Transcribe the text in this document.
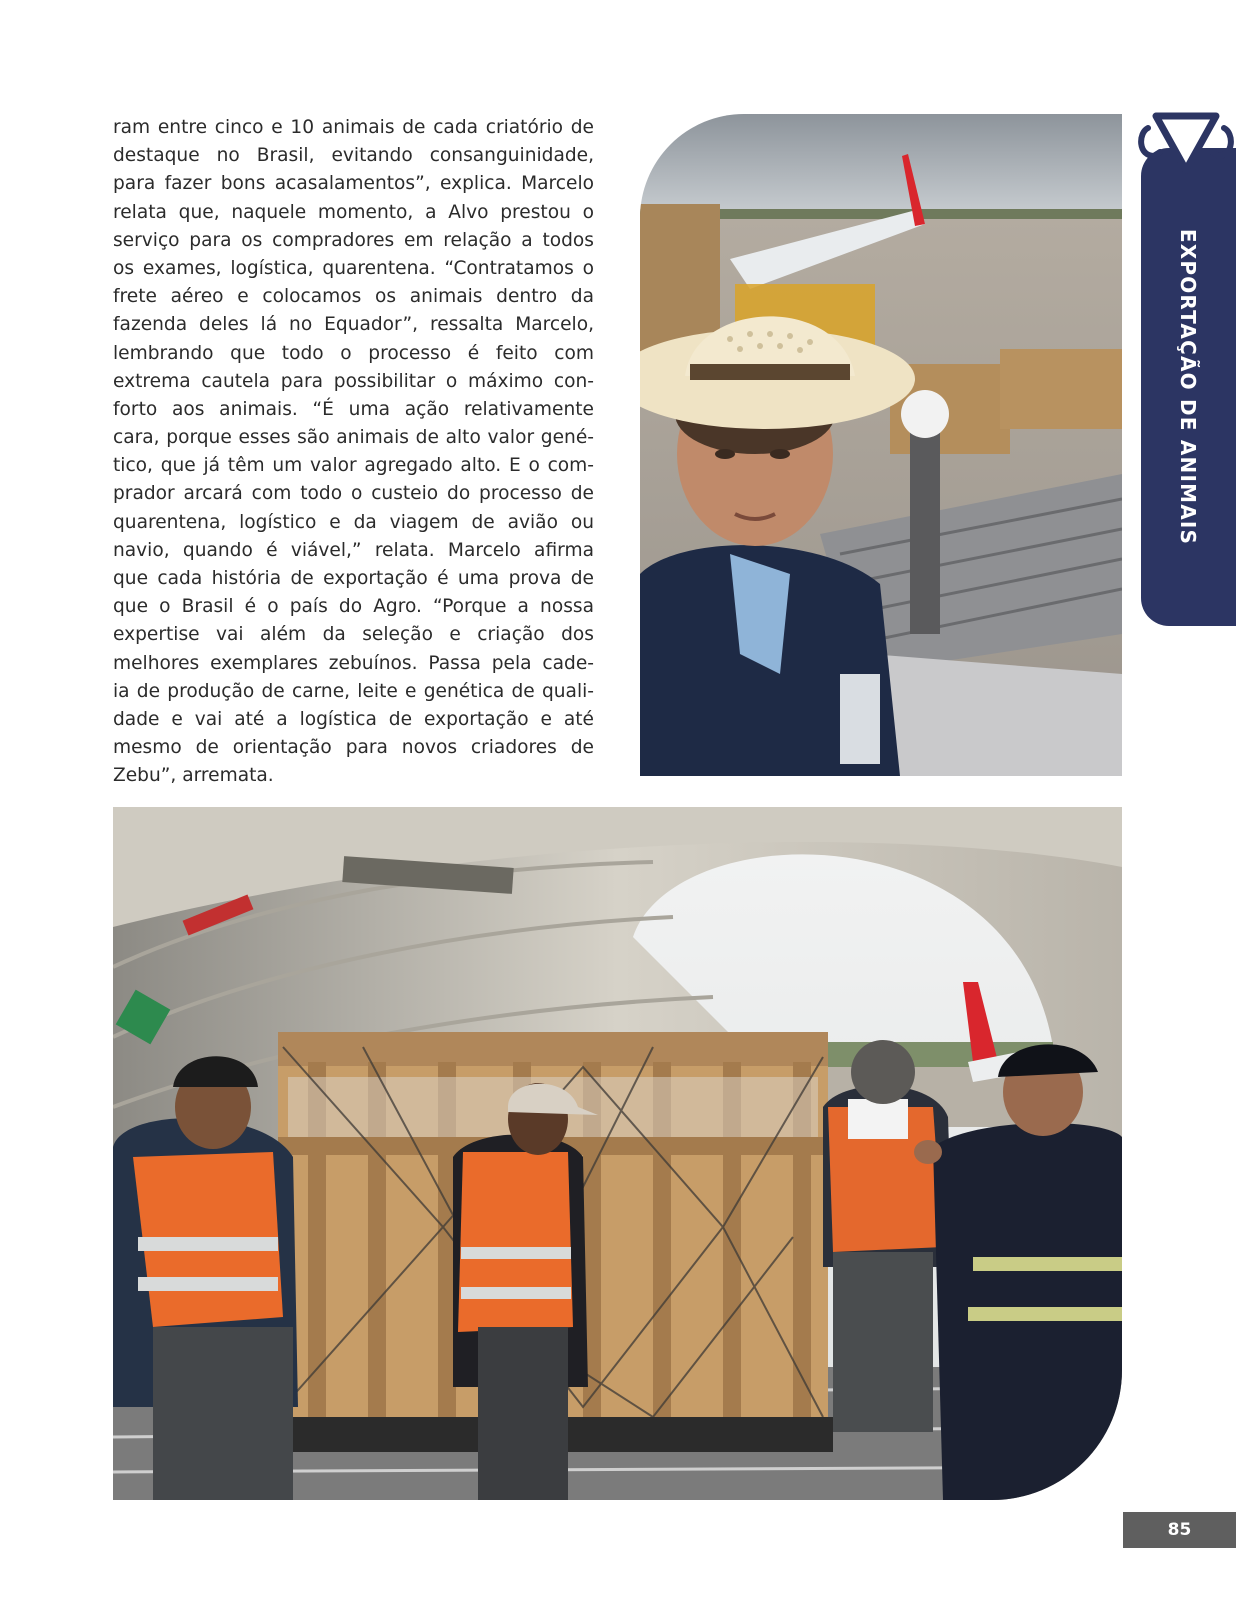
ram entre cinco e 10 animais de cada criatório de
destaque no Brasil, evitando consanguinidade,
para fazer bons acasalamentos”, explica. Marcelo
relata que, naquele momento, a Alvo prestou o
serviço para os compradores em relação a todos
os exames, logística, quarentena. “Contratamos o
frete aéreo e colocamos os animais dentro da
fazenda deles lá no Equador”, ressalta Marcelo,
lembrando que todo o processo é feito com
extrema cautela para possibilitar o máximo con-
forto aos animais. “É uma ação relativamente
cara, porque esses são animais de alto valor gené-
tico, que já têm um valor agregado alto. E o com-
prador arcará com todo o custeio do processo de
quarentena, logístico e da viagem de avião ou
navio, quando é viável,” relata. Marcelo afirma
que cada história de exportação é uma prova de
que o Brasil é o país do Agro. “Porque a nossa
expertise vai além da seleção e criação dos
melhores exemplares zebuínos. Passa pela cade-
ia de produção de carne, leite e genética de quali-
dade e vai até a logística de exportação e até
mesmo de orientação para novos criadores de
Zebu”, arremata.

EXPORTAÇÃO DE ANIMAIS
85
